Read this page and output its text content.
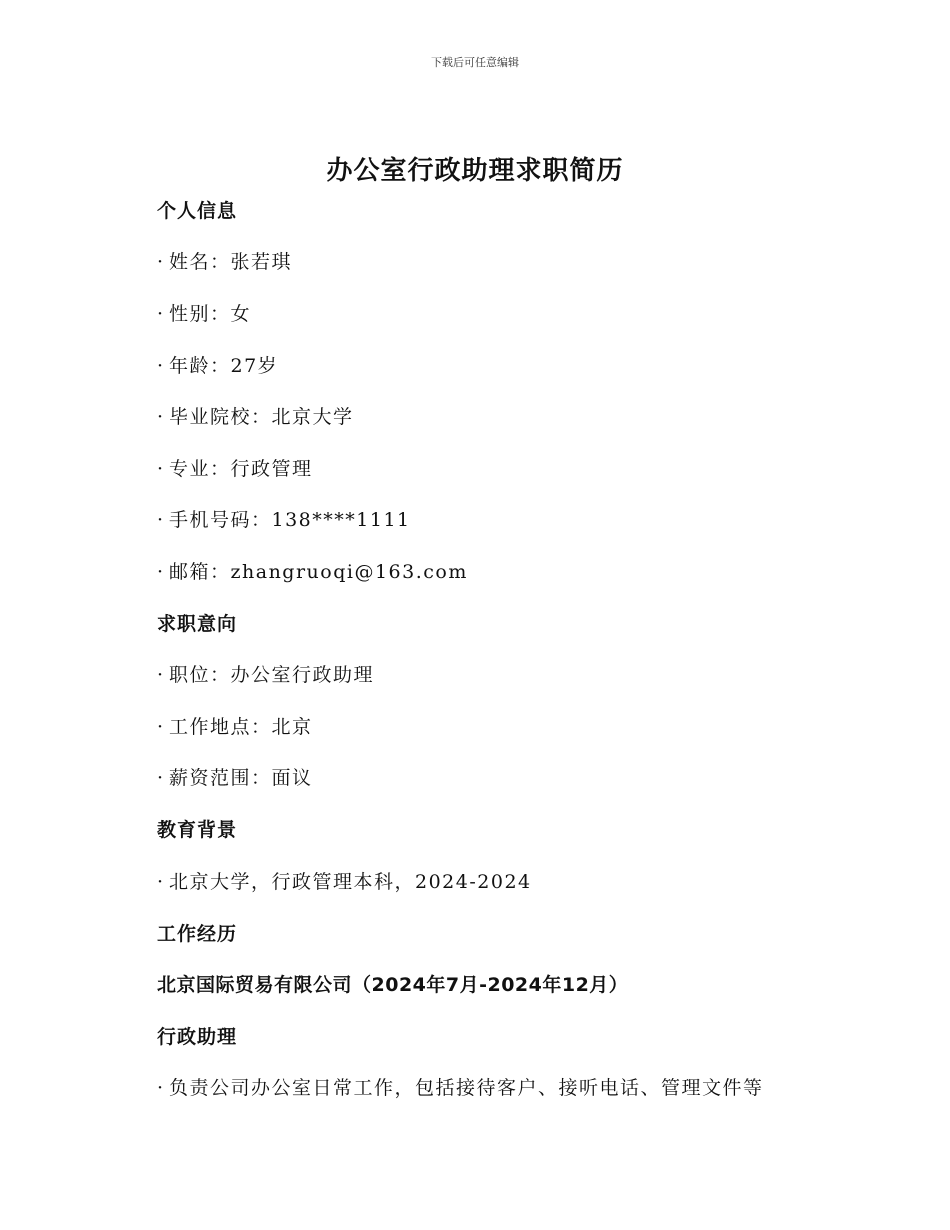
下载后可任意编辑
办公室行政助理求职简历
个人信息
· 姓名：张若琪
· 性别：女
· 年龄：27岁
· 毕业院校：北京大学
· 专业：行政管理
· 手机号码：138****1111
· 邮箱：zhangruoqi@163.com
求职意向
· 职位：办公室行政助理
· 工作地点：北京
· 薪资范围：面议
教育背景
· 北京大学，行政管理本科，2024-2024
工作经历
北京国际贸易有限公司（2024年7月-2024年12月）
行政助理
· 负责公司办公室日常工作，包括接待客户、接听电话、管理文件等
